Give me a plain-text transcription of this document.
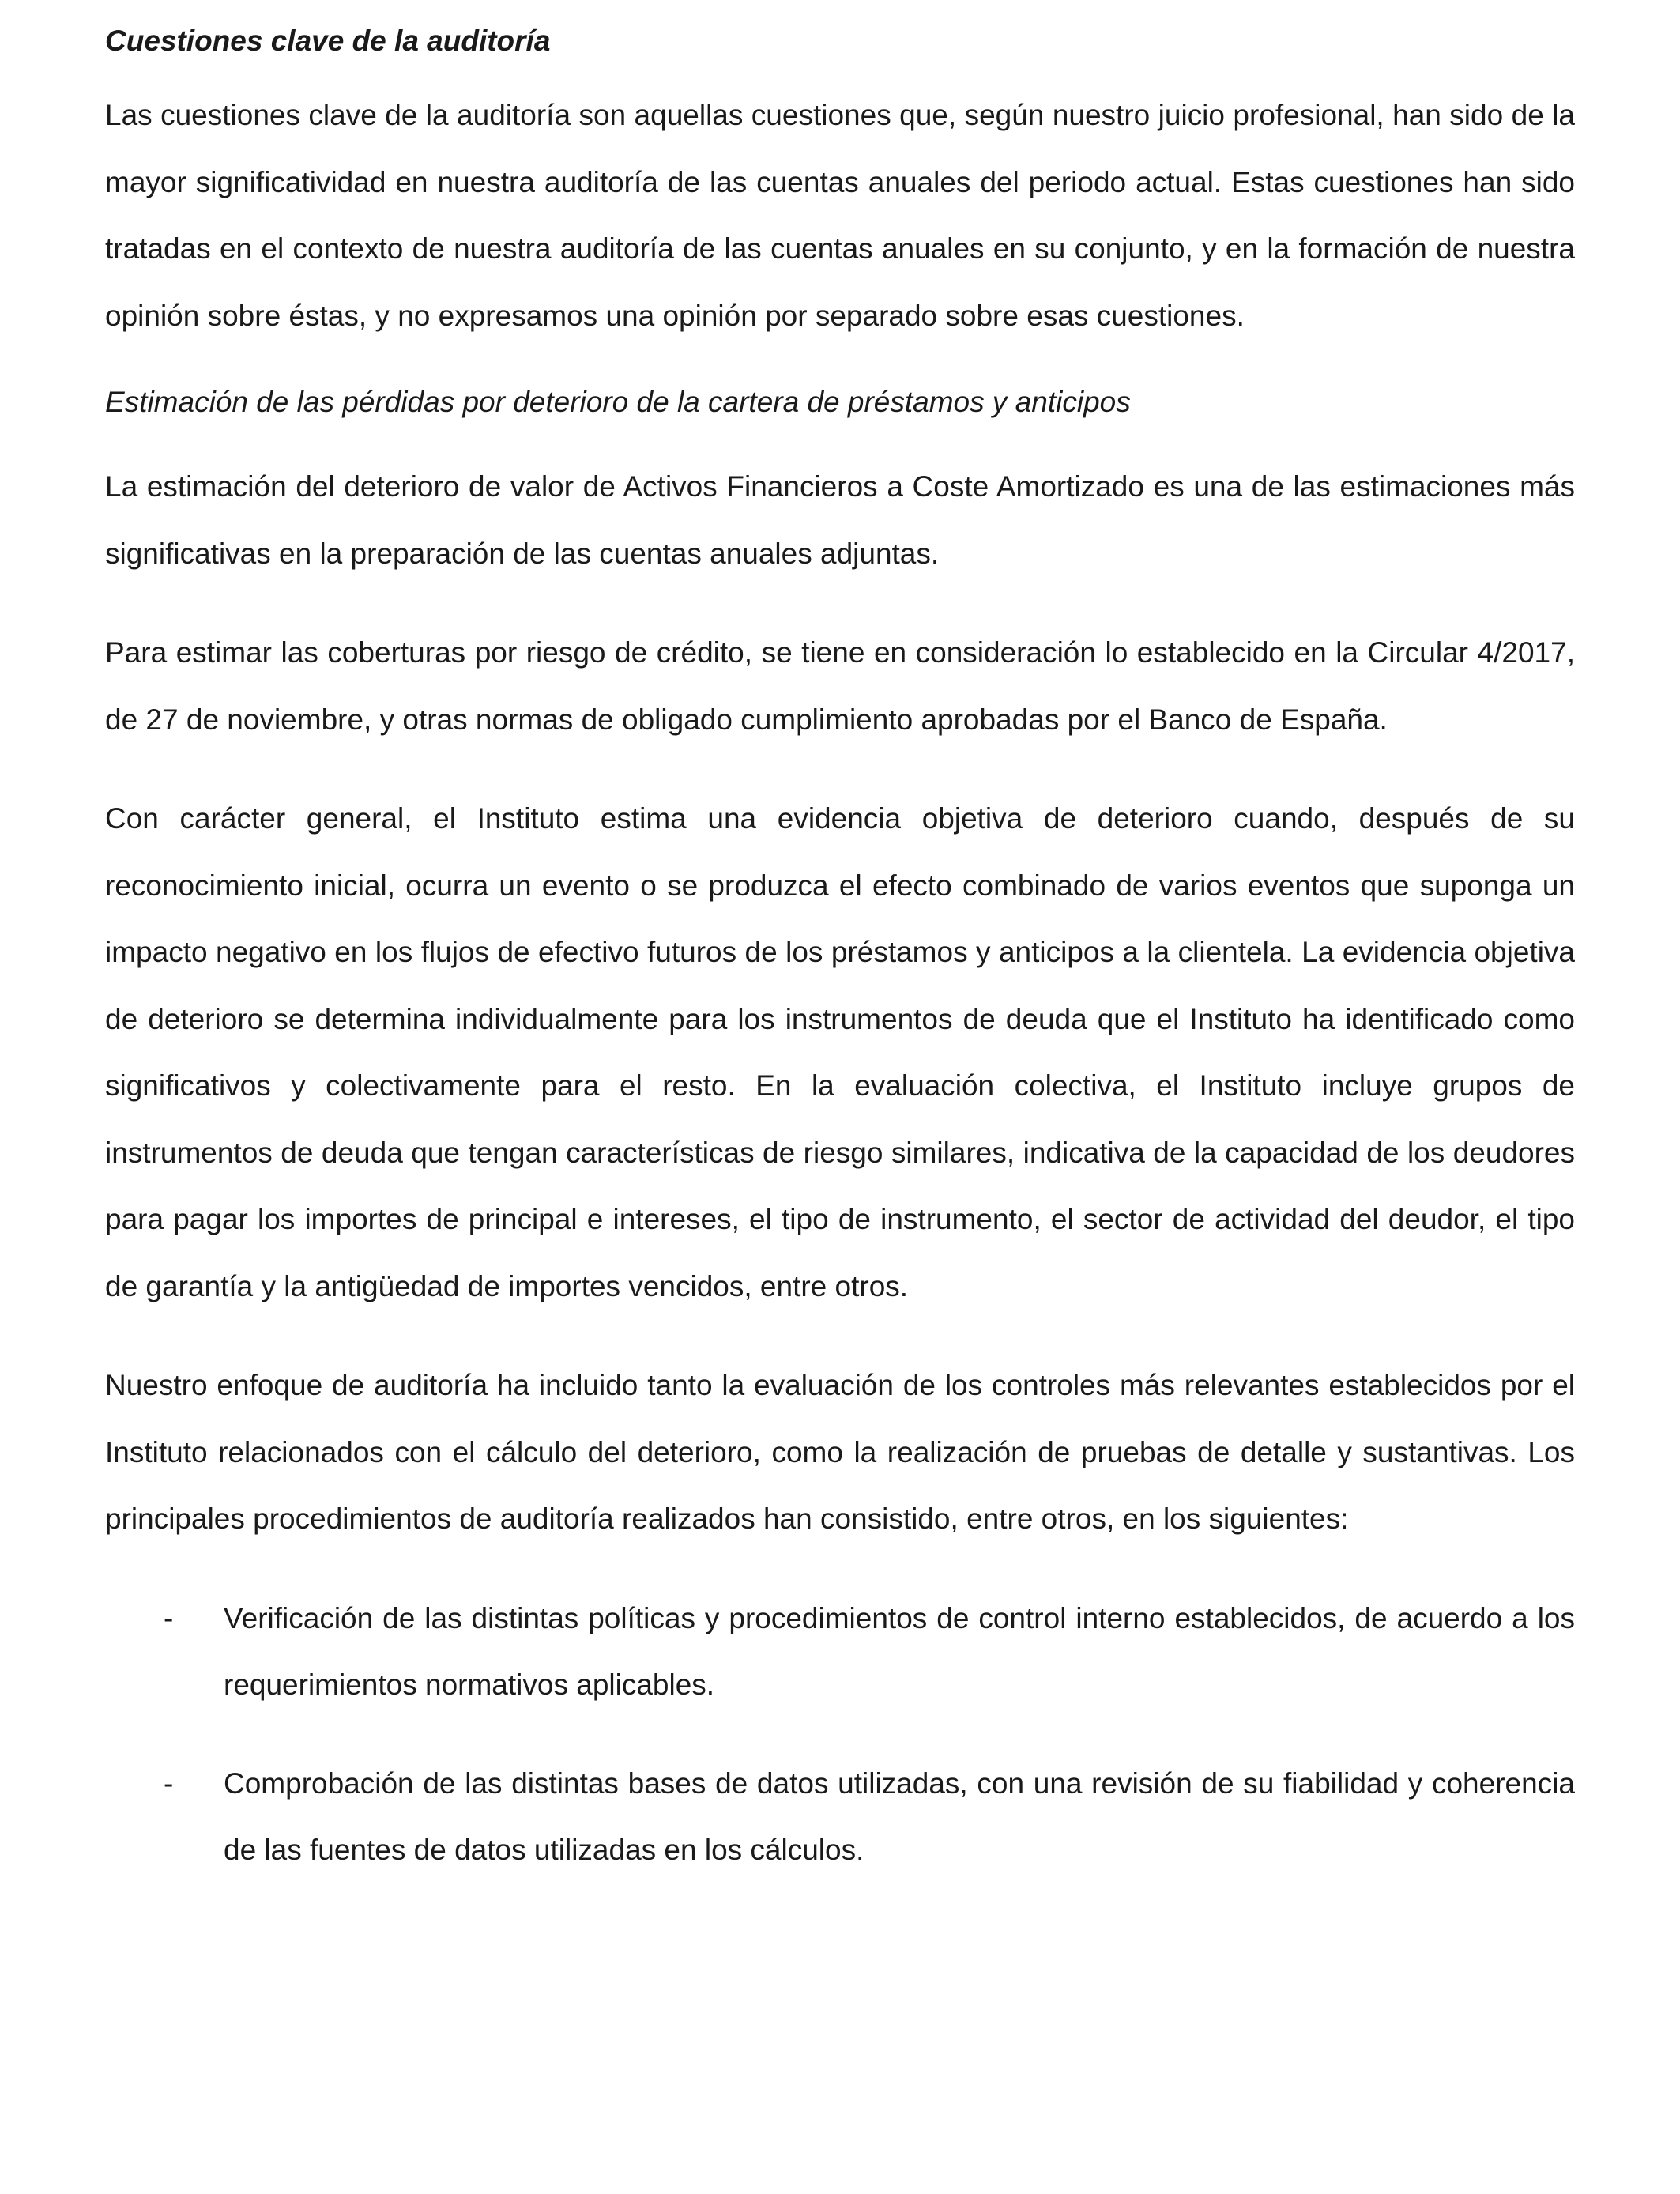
Cuestiones clave de la auditoría

Las cuestiones clave de la auditoría son aquellas cuestiones que, según nuestro juicio profesional, han sido de la mayor significatividad en nuestra auditoría de las cuentas anuales del periodo actual. Estas cuestiones han sido tratadas en el contexto de nuestra auditoría de las cuentas anuales en su conjunto, y en la formación de nuestra opinión sobre éstas, y no expresamos una opinión por separado sobre esas cuestiones.

Estimación de las pérdidas por deterioro de la cartera de préstamos y anticipos

La estimación del deterioro de valor de Activos Financieros a Coste Amortizado es una de las estimaciones más significativas en la preparación de las cuentas anuales adjuntas.

Para estimar las coberturas por riesgo de crédito, se tiene en consideración lo establecido en la Circular 4/2017, de 27 de noviembre, y otras normas de obligado cumplimiento aprobadas por el Banco de España.

Con carácter general, el Instituto estima una evidencia objetiva de deterioro cuando, después de su reconocimiento inicial, ocurra un evento o se produzca el efecto combinado de varios eventos que suponga un impacto negativo en los flujos de efectivo futuros de los préstamos y anticipos a la clientela. La evidencia objetiva de deterioro se determina individualmente para los instrumentos de deuda que el Instituto ha identificado como significativos y colectivamente para el resto. En la evaluación colectiva, el Instituto incluye grupos de instrumentos de deuda que tengan características de riesgo similares, indicativa de la capacidad de los deudores para pagar los importes de principal e intereses, el tipo de instrumento, el sector de actividad del deudor, el tipo de garantía y la antigüedad de importes vencidos, entre otros.

Nuestro enfoque de auditoría ha incluido tanto la evaluación de los controles más relevantes establecidos por el Instituto relacionados con el cálculo del deterioro, como la realización de pruebas de detalle y sustantivas. Los principales procedimientos de auditoría realizados han consistido, entre otros, en los siguientes:

-	Verificación de las distintas políticas y procedimientos de control interno establecidos, de acuerdo a los requerimientos normativos aplicables.
-	Comprobación de las distintas bases de datos utilizadas, con una revisión de su fiabilidad y coherencia de las fuentes de datos utilizadas en los cálculos.
